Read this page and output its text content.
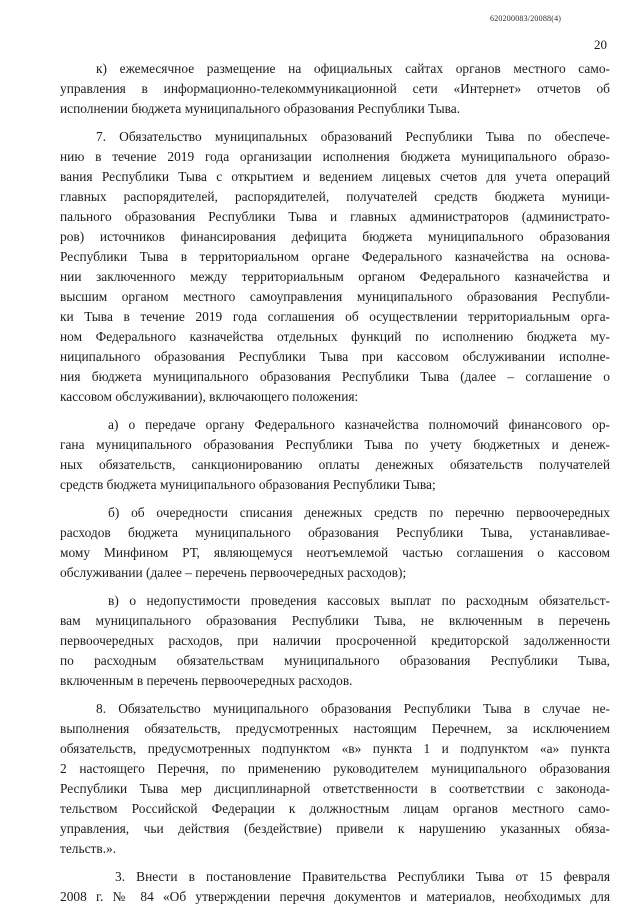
620200083/20088(4)
20
к) ежемесячное размещение на официальных сайтах органов местного само-
управления в информационно-телекоммуникационной сети «Интернет» отчетов об
исполнении бюджета муниципального образования Республики Тыва.
7. Обязательство муниципальных образований Республики Тыва по обеспече-
нию в течение 2019 года организации исполнения бюджета муниципального образо-
вания Республики Тыва с открытием и ведением лицевых счетов для учета операций
главных распорядителей, распорядителей, получателей средств бюджета муници-
пального образования Республики Тыва и главных администраторов (администрато-
ров) источников финансирования дефицита бюджета муниципального образования
Республики Тыва в территориальном органе Федерального казначейства на основа-
нии заключенного между территориальным органом Федерального казначейства и
высшим органом местного самоуправления муниципального образования Республи-
ки Тыва в течение 2019 года соглашения об осуществлении территориальным орга-
ном Федерального казначейства отдельных функций по исполнению бюджета му-
ниципального образования Республики Тыва при кассовом обслуживании исполне-
ния бюджета муниципального образования Республики Тыва (далее – соглашение о
кассовом обслуживании), включающего положения:
а) о передаче органу Федерального казначейства полномочий финансового ор-
гана муниципального образования Республики Тыва по учету бюджетных и денеж-
ных обязательств, санкционированию оплаты денежных обязательств получателей
средств бюджета муниципального образования Республики Тыва;
б) об очередности списания денежных средств по перечню первоочередных
расходов бюджета муниципального образования Республики Тыва, устанавливае-
мому Минфином РТ, являющемуся неотъемлемой частью соглашения о кассовом
обслуживании (далее – перечень первоочередных расходов);
в) о недопустимости проведения кассовых выплат по расходным обязательст-
вам муниципального образования Республики Тыва, не включенным в перечень
первоочередных расходов, при наличии просроченной кредиторской задолженности
по расходным обязательствам муниципального образования Республики Тыва,
включенным в перечень первоочередных расходов.
8. Обязательство муниципального образования Республики Тыва в случае не-
выполнения обязательств, предусмотренных настоящим Перечнем, за исключением
обязательств, предусмотренных подпунктом «в» пункта 1 и подпунктом «а» пункта
2 настоящего Перечня, по применению руководителем муниципального образования
Республики Тыва мер дисциплинарной ответственности в соответствии с законода-
тельством Российской Федерации к должностным лицам органов местного само-
управления, чьи действия (бездействие) привели к нарушению указанных обяза-
тельств.».
3. Внести в постановление Правительства Республики Тыва от 15 февраля
2008 г. № 84 «Об утверждении перечня документов и материалов, необходимых для
